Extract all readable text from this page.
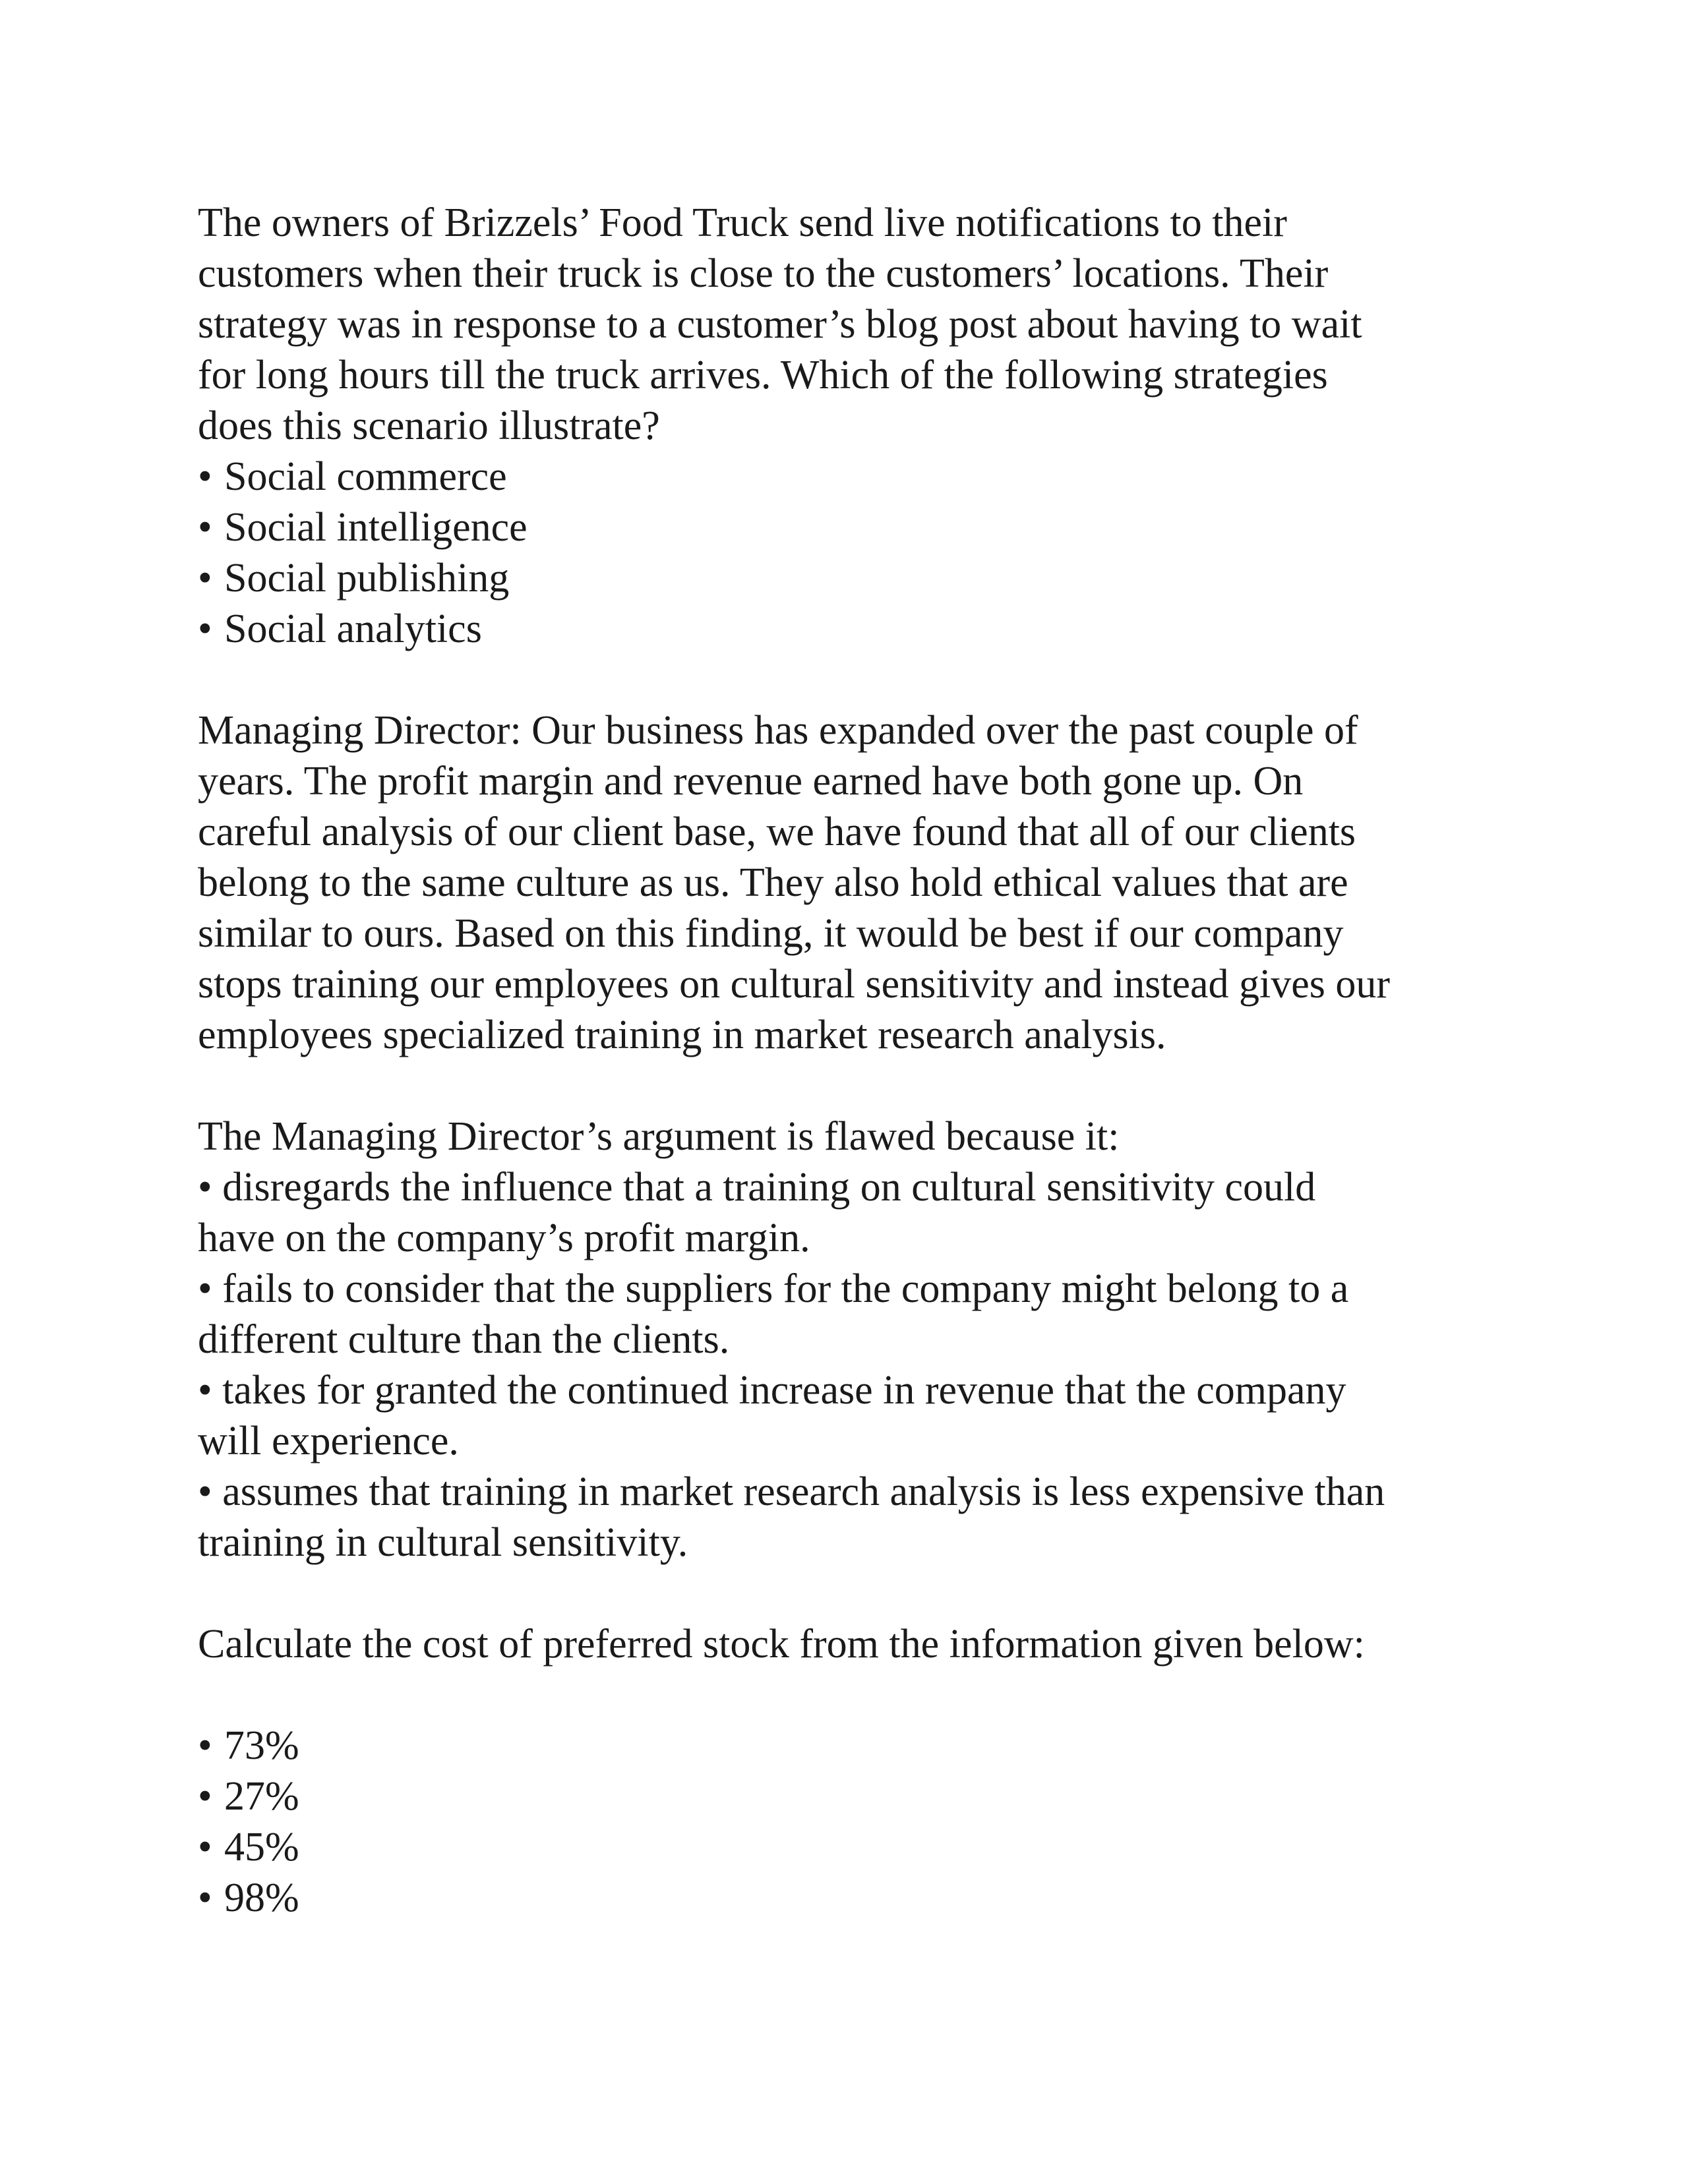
The owners of Brizzels’ Food Truck send live notifications to their
customers when their truck is close to the customers’ locations. Their
strategy was in response to a customer’s blog post about having to wait
for long hours till the truck arrives. Which of the following strategies
does this scenario illustrate?
• Social commerce
• Social intelligence
• Social publishing
• Social analytics
Managing Director: Our business has expanded over the past couple of
years. The profit margin and revenue earned have both gone up. On
careful analysis of our client base, we have found that all of our clients
belong to the same culture as us. They also hold ethical values that are
similar to ours. Based on this finding, it would be best if our company
stops training our employees on cultural sensitivity and instead gives our
employees specialized training in market research analysis.
The Managing Director’s argument is flawed because it:
• disregards the influence that a training on cultural sensitivity could
have on the company’s profit margin.
• fails to consider that the suppliers for the company might belong to a
different culture than the clients.
• takes for granted the continued increase in revenue that the company
will experience.
• assumes that training in market research analysis is less expensive than
training in cultural sensitivity.
Calculate the cost of preferred stock from the information given below:
• 73%
• 27%
• 45%
• 98%
